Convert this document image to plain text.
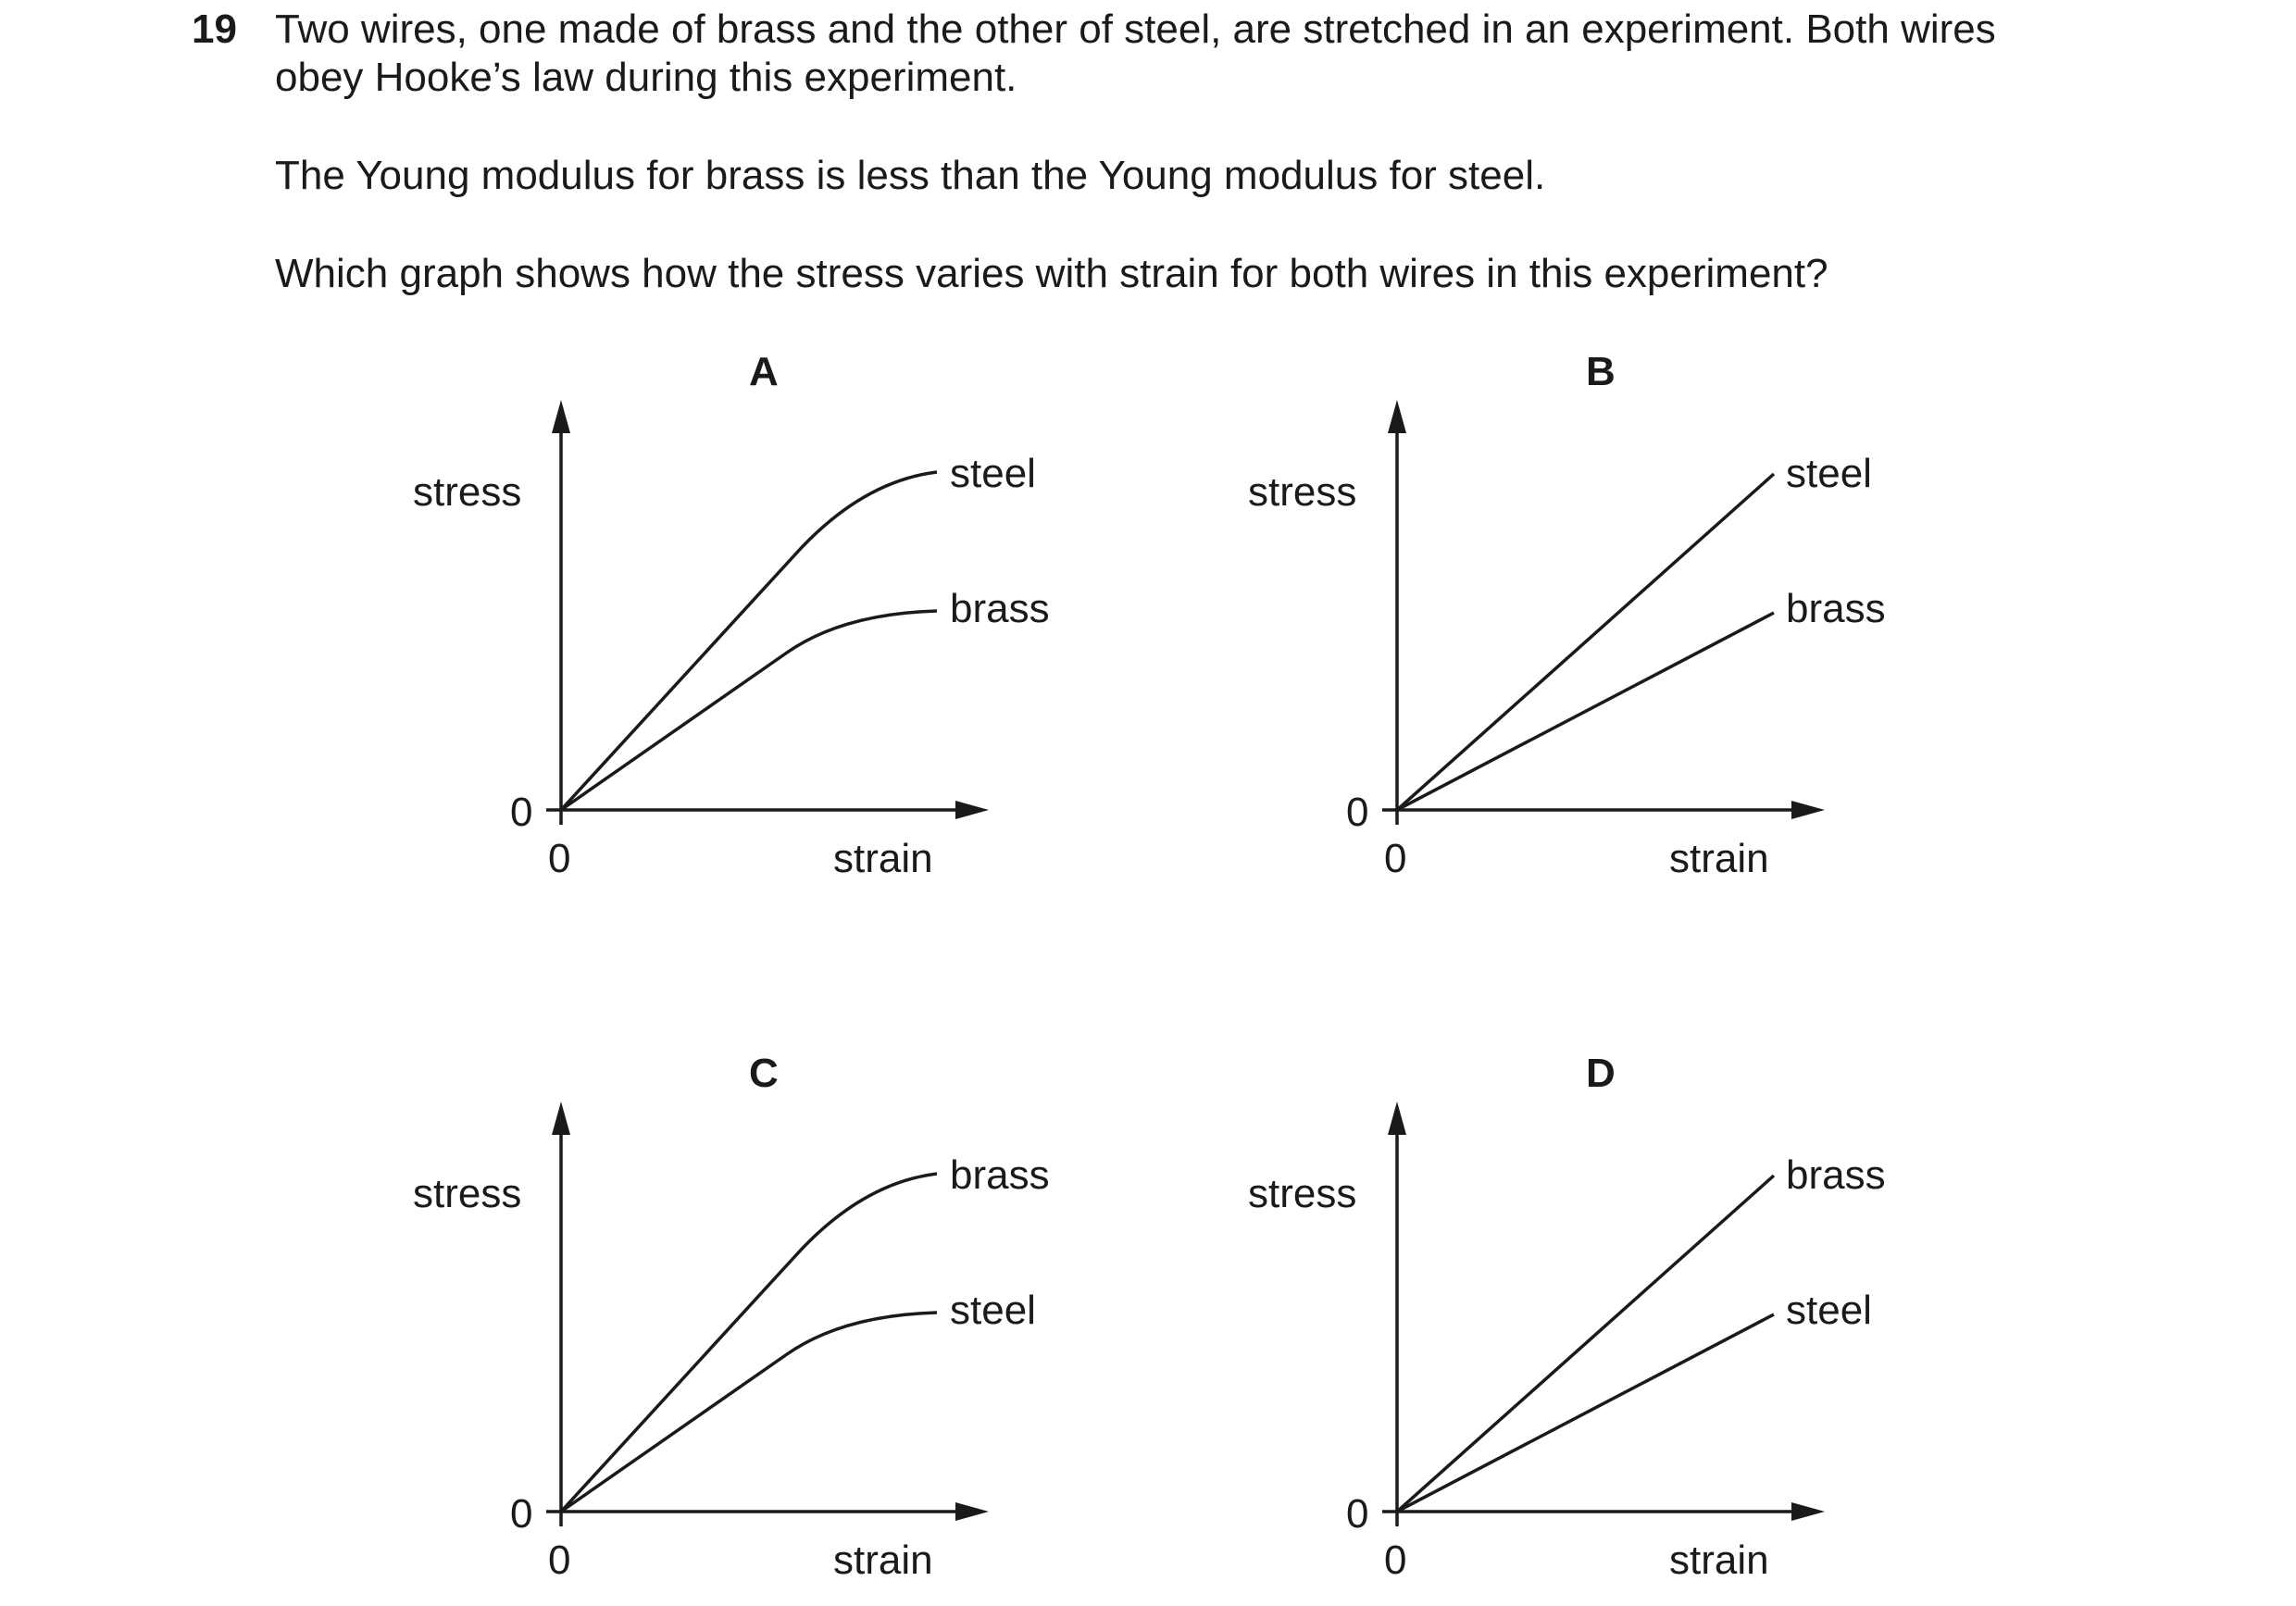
19 Two wires, one made of brass and the other of steel, are stretched in an experiment. Both wires
obey Hooke’s law during this experiment.
The Young modulus for brass is less than the Young modulus for steel.
Which graph shows how the stress varies with strain for both wires in this experiment?
A
stress
0
0	strain
steel
brass
B
stress
0
0	strain
steel
brass
C
stress
0
0	strain
brass
steel
D
stress
0
0	strain
brass
steel
